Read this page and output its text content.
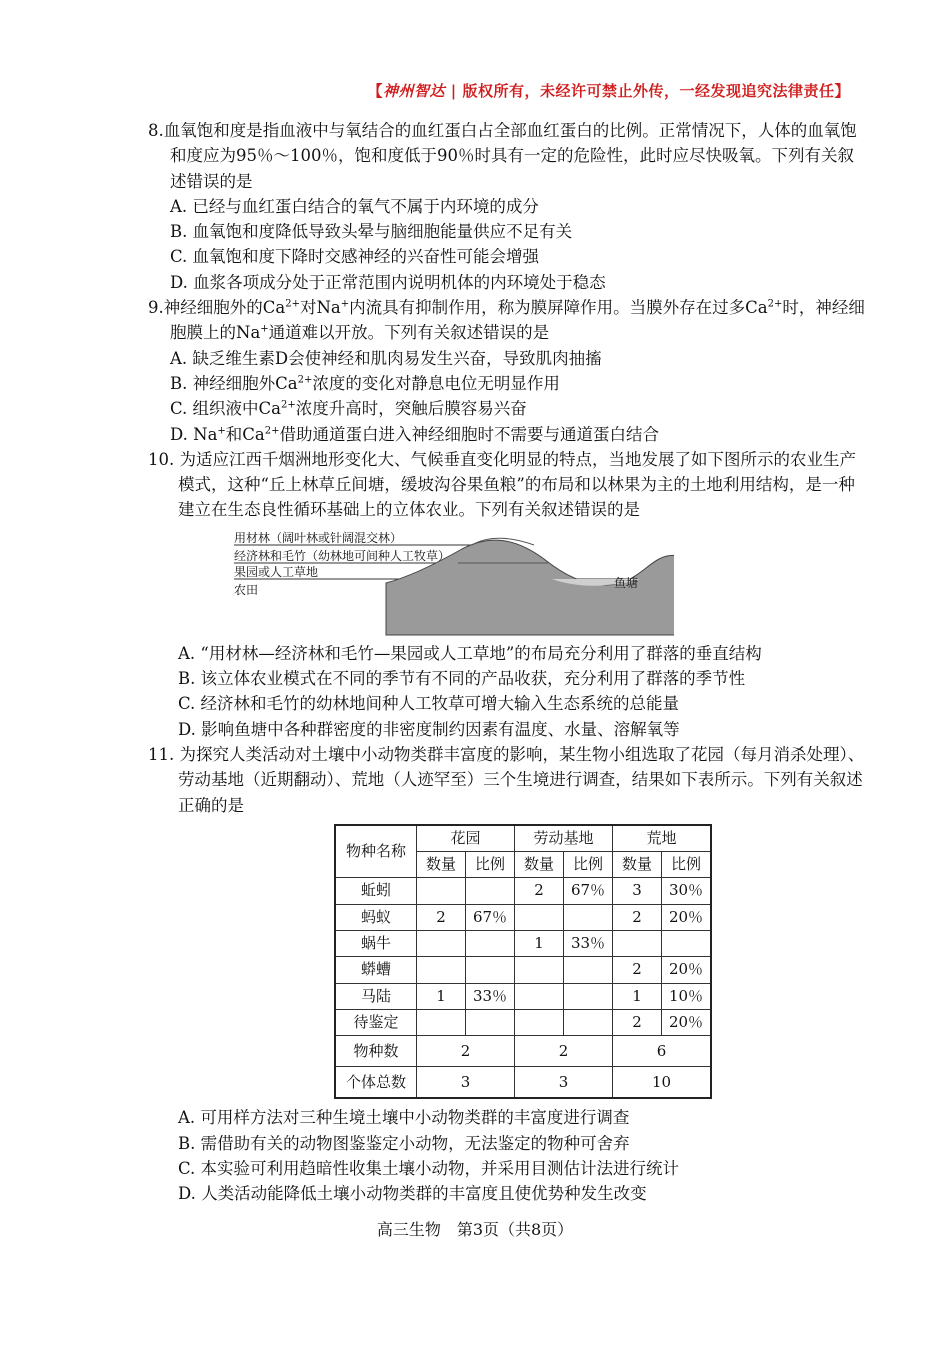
【神州智达 | 版权所有，未经许可禁止外传，一经发现追究法律责任】
8.血氧饱和度是指血液中与氧结合的血红蛋白占全部血红蛋白的比例。正常情况下，人体的血氧饱和度应为95％～100％，饱和度低于90％时具有一定的危险性，此时应尽快吸氧。下列有关叙述错误的是
A. 已经与血红蛋白结合的氧气不属于内环境的成分
B. 血氧饱和度降低导致头晕与脑细胞能量供应不足有关
C. 血氧饱和度下降时交感神经的兴奋性可能会增强
D. 血浆各项成分处于正常范围内说明机体的内环境处于稳态
9.神经细胞外的$Ca^{2+}$对Na+内流具有抑制作用，称为膜屏障作用。当膜外存在过多$Ca^{2+}$时，神经细胞膜上的Na+通道难以开放。下列有关叙述错误的是
A. 缺乏维生素D会使神经和肌肉易发生兴奋，导致肌肉抽搐
B. 神经细胞外$Ca^{2+}$浓度的变化对静息电位无明显作用
C. 组织液中$Ca^{2+}$浓度升高时，突触后膜容易兴奋
D. Na+和$Ca^{2+}$借助通道蛋白进入神经细胞时不需要与通道蛋白结合
10. 为适应江西千烟洲地形变化大、气候垂直变化明显的特点，当地发展了如下图所示的农业生产模式，这种“丘上林草丘间塘，缓坡沟谷果鱼粮”的布局和以林果为主的土地利用结构，是一种建立在生态良性循环基础上的立体农业。下列有关叙述错误的是
用材林（阔叶林或针阔混交林）
经济林和毛竹（幼林地可间种人工牧草）
果园或人工草地
农田	鱼塘
A. “用材林—经济林和毛竹—果园或人工草地”的布局充分利用了群落的垂直结构
B. 该立体农业模式在不同的季节有不同的产品收获，充分利用了群落的季节性
C. 经济林和毛竹的幼林地间种人工牧草可增大输入生态系统的总能量
D. 影响鱼塘中各种群密度的非密度制约因素有温度、水量、溶解氧等
11. 为探究人类活动对土壤中小动物类群丰富度的影响，某生物小组选取了花园（每月消杀处理）、劳动基地（近期翻动）、荒地（人迹罕至）三个生境进行调查，结果如下表所示。下列有关叙述正确的是
物种名称	花园		劳动基地		荒地	
	数量	比例	数量	比例	数量	比例
蚯蚓			2	67％	3	30％
蚂蚁	2	67％			2	20％
蜗牛			1	33％		
蟒螬					2	20％
马陆	1	33％			1	10％
待鉴定					2	20％
物种数	2		2		6	
个体总数	3		3		10	
A. 可用样方法对三种生境土壤中小动物类群的丰富度进行调查
B. 需借助有关的动物图鉴鉴定小动物，无法鉴定的物种可舍弃
C. 本实验可利用趋暗性收集土壤小动物，并采用目测估计法进行统计
D. 人类活动能降低土壤小动物类群的丰富度且使优势种发生改变
高三生物　第3页（共8页）
